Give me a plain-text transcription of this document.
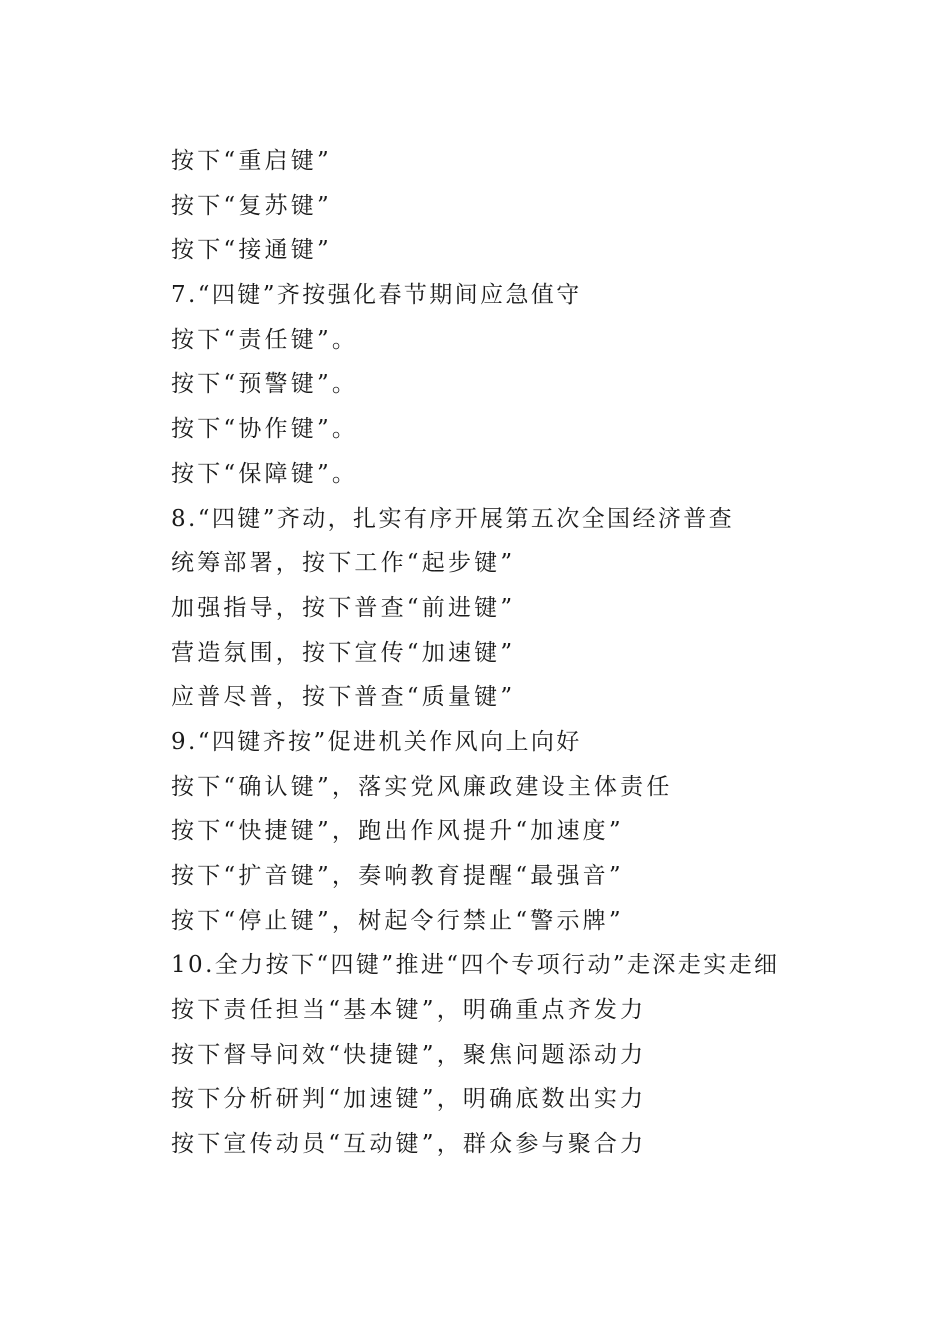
按下“重启键”
按下“复苏键”
按下“接通键”
7.“四键”齐按强化春节期间应急值守
按下“责任键”。
按下“预警键”。
按下“协作键”。
按下“保障键”。
8.“四键”齐动，扎实有序开展第五次全国经济普查
统筹部署，按下工作“起步键”
加强指导，按下普查“前进键”
营造氛围，按下宣传“加速键”
应普尽普，按下普查“质量键”
9.“四键齐按”促进机关作风向上向好
按下“确认键”，落实党风廉政建设主体责任
按下“快捷键”，跑出作风提升“加速度”
按下“扩音键”，奏响教育提醒“最强音”
按下“停止键”，树起令行禁止“警示牌”
10.全力按下“四键”推进“四个专项行动”走深走实走细
按下责任担当“基本键”，明确重点齐发力
按下督导问效“快捷键”，聚焦问题添动力
按下分析研判“加速键”，明确底数出实力
按下宣传动员“互动键”，群众参与聚合力
